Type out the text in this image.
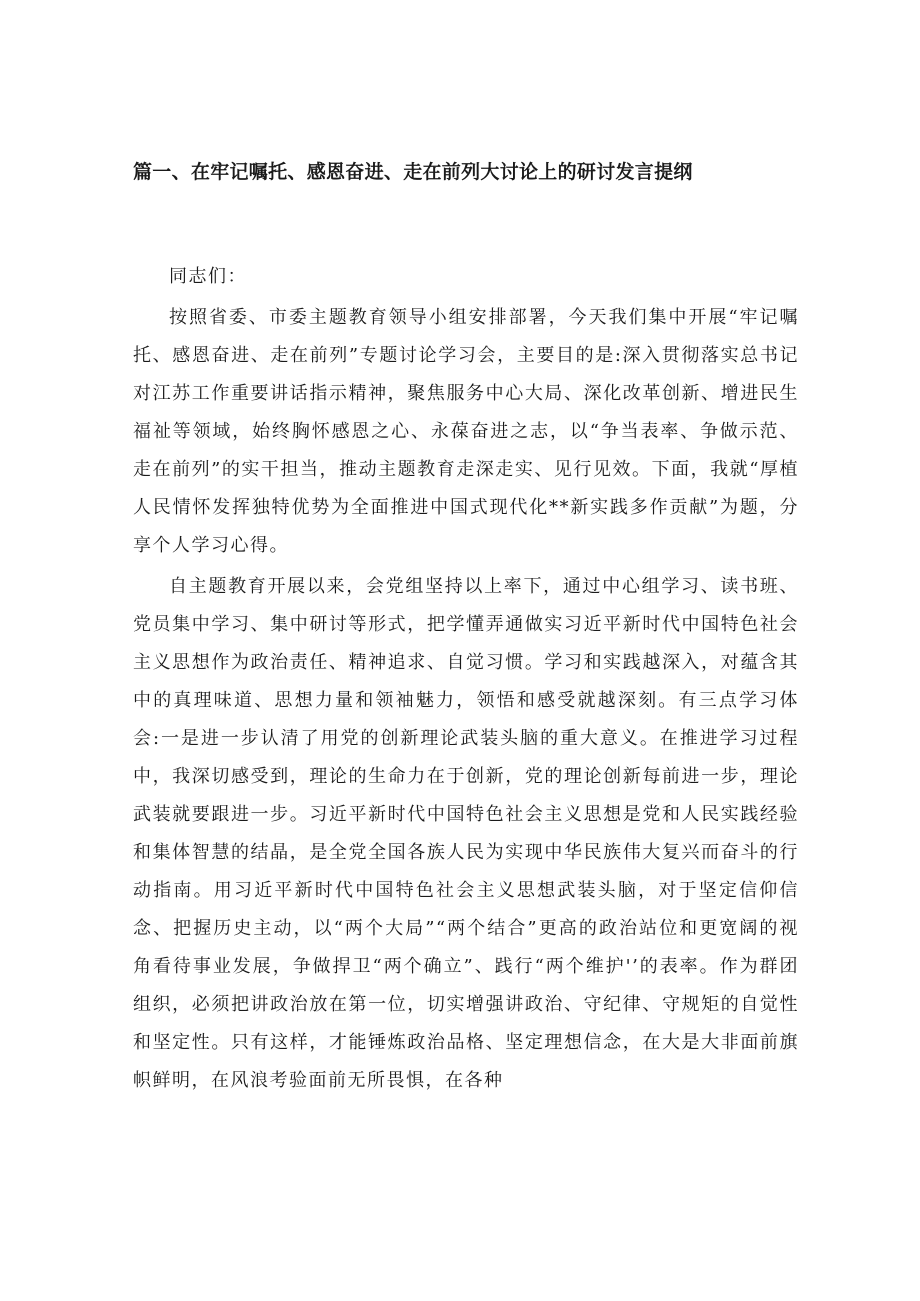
篇一、在牢记嘱托、感恩奋进、走在前列大讨论上的研讨发言提纲

同志们：

按照省委、市委主题教育领导小组安排部署，今天我们集中开展“牢记嘱托、感恩奋进、走在前列”专题讨论学习会，主要目的是:深入贯彻落实总书记对江苏工作重要讲话指示精神，聚焦服务中心大局、深化改革创新、增进民生福祉等领域，始终胸怀感恩之心、永葆奋进之志，以“争当表率、争做示范、走在前列”的实干担当，推动主题教育走深走实、见行见效。下面，我就“厚植人民情怀发挥独特优势为全面推进中国式现代化**新实践多作贡献”为题，分享个人学习心得。

自主题教育开展以来，会党组坚持以上率下，通过中心组学习、读书班、党员集中学习、集中研讨等形式，把学懂弄通做实习近平新时代中国特色社会主义思想作为政治责任、精神追求、自觉习惯。学习和实践越深入，对蕴含其中的真理味道、思想力量和领袖魅力，领悟和感受就越深刻。有三点学习体会:一是进一步认清了用党的创新理论武装头脑的重大意义。在推进学习过程中，我深切感受到，理论的生命力在于创新，党的理论创新每前进一步，理论武装就要跟进一步。习近平新时代中国特色社会主义思想是党和人民实践经验和集体智慧的结晶，是全党全国各族人民为实现中华民族伟大复兴而奋斗的行动指南。用习近平新时代中国特色社会主义思想武装头脑，对于坚定信仰信念、把握历史主动，以“两个大局”“两个结合”更高的政治站位和更宽阔的视角看待事业发展，争做捍卫“两个确立”、践行“两个维护'’的表率。作为群团组织，必须把讲政治放在第一位，切实增强讲政治、守纪律、守规矩的自觉性和坚定性。只有这样，才能锤炼政治品格、坚定理想信念，在大是大非面前旗帜鲜明，在风浪考验面前无所畏惧，在各种
